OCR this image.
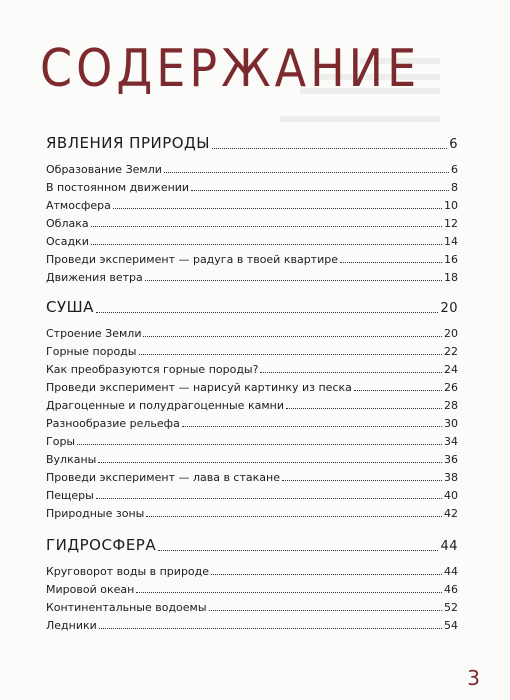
СОДЕРЖАНИЕ
ЯВЛЕНИЯ ПРИРОДЫ	6
Образование Земли	6
В постоянном движении	8
Атмосфера	10
Облака	12
Осадки	14
Проведи эксперимент — радуга в твоей квартире	16
Движения ветра	18
СУША	20
Строение Земли	20
Горные породы	22
Как преобразуются горные породы?	24
Проведи эксперимент — нарисуй картинку из песка	26
Драгоценные и полудрагоценные камни	28
Разнообразие рельефа	30
Горы	34
Вулканы	36
Проведи эксперимент — лава в стакане	38
Пещеры	40
Природные зоны	42
ГИДРОСФЕРА	44
Круговорот воды в природе	44
Мировой океан	46
Континентальные водоемы	52
Ледники	54
3
